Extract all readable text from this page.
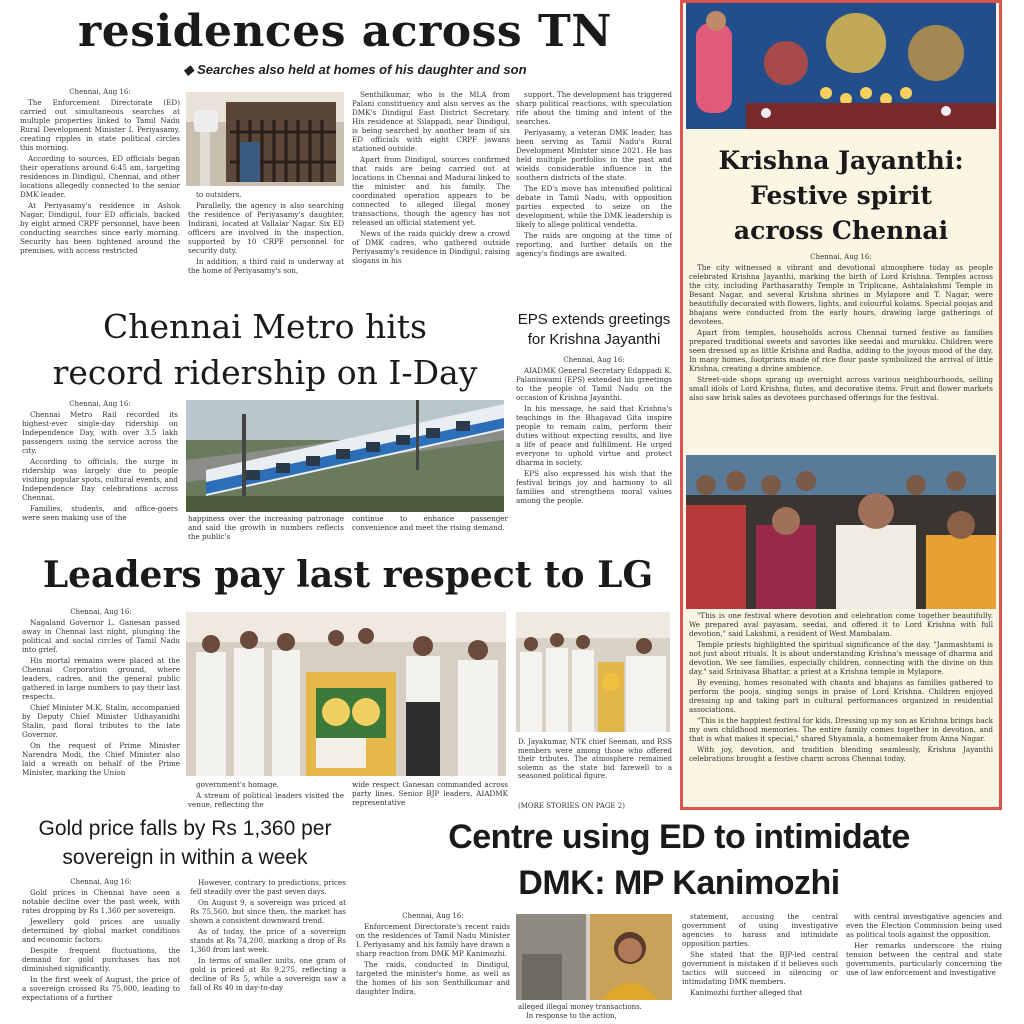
residences across TN
◆ Searches also held at homes of his daughter and son
Chennai, Aug 16:

The Enforcement Directorate (ED) carried out simultaneous searches at multiple properties linked to Tamil Nadu Rural Development Minister I. Periyasamy, creating ripples in state political circles this morning.

According to sources, ED officials began their operations around 6:45 am, targeting residences in Dindigul, Chennai, and other locations allegedly connected to the senior DMK leader.

At Periyasamy's residence in Ashok Nagar, Dindigul, four ED officials, backed by eight armed CRPF personnel, have been conducting searches since early morning. Security has been tightened around the premises, with access restricted

to outsiders.

Parallelly, the agency is also searching the residence of Periyasamy's daughter, Indirani, located at Vallalar Nagar. Six ED officers are involved in the inspection, supported by 10 CRPF personnel for security duty.

In addition, a third raid is underway at the home of Periyasamy's son,

Senthilkumar, who is the MLA from Palani constituency and also serves as the DMK's Dindigul East District Secretary. His residence at Silappadi, near Dindigul, is being searched by another team of six ED officials with eight CRPF jawans stationed outside.

Apart from Dindigul, sources confirmed that raids are being carried out at locations in Chennai and Madurai linked to the minister and his family. The coordinated operation appears to be connected to alleged illegal money transactions, though the agency has not released an official statement yet.

News of the raids quickly drew a crowd of DMK cadres, who gathered outside Periyasamy's residence in Dindigul, raising slogans in his

support. The development has triggered sharp political reactions, with speculation rife about the timing and intent of the searches.

Periyasamy, a veteran DMK leader, has been serving as Tamil Nadu's Rural Development Minister since 2021. He has held multiple portfolios in the past and wields considerable influence in the southern districts of the state.

The ED's move has intensified political debate in Tamil Nadu, with opposition parties expected to seize on the development, while the DMK leadership is likely to allege political vendetta.

The raids are ongoing at the time of reporting, and further details on the agency's findings are awaited.

Chennai Metro hits
record ridership on I-Day
Chennai, Aug 16:

Chennai Metro Rail recorded its highest-ever single-day ridership on Independence Day, with over 3.5 lakh passengers using the service across the city.

According to officials, the surge in ridership was largely due to people visiting popular spots, cultural events, and Independence Day celebrations across Chennai.

Families, students, and office-goers were seen making use of the	happiness over the increasing patronage and said the growth in numbers reflects the public's
continue to enhance passenger convenience and meet the rising demand.
EPS extends greetings
for Krishna Jayanthi
Chennai, Aug 16:

AIADMK General Secretary Edappadi K. Palaniswami (EPS) extended his greetings to the people of Tamil Nadu on the occasion of Krishna Jayanthi.

In his message, he said that Krishna's teachings in the Bhagavad Gita inspire people to remain calm, perform their duties without expecting results, and live a life of peace and fulfillment. He urged everyone to uphold virtue and protect dharma in society.

EPS also expressed his wish that the festival brings joy and harmony to all families and strengthens moral values among the people.

Leaders pay last respect to LG
Chennai, Aug 16:

Nagaland Governor L. Ganesan passed away in Chennai last night, plunging the political and social circles of Tamil Nadu into grief.

His mortal remains were placed at the Chennai Corporation ground, where leaders, cadres, and the general public gathered in large numbers to pay their last respects.

Chief Minister M.K. Stalin, accompanied by Deputy Chief Minister Udhayanidhi Stalin, paid floral tributes to the late Governor.

On the request of Prime Minister Narendra Modi, the Chief Minister also laid a wreath on behalf of the Prime Minister, marking the Union

D. Jayakumar, NTK chief Seeman, and RSS members were among those who offered their tributes. The atmosphere remained solemn as the state bid farewell to a seasoned political figure.
(MORE STORIES ON PAGE 2)

government's homage.

A stream of political leaders visited the venue, reflecting the

wide respect Ganesan commanded across party lines. Senior BJP leaders, AIADMK representative
Gold price falls by Rs 1,360 per
sovereign in within a week
Chennai, Aug 16:

Gold prices in Chennai have seen a notable decline over the past week, with rates dropping by Rs 1,360 per sovereign.

Jewellery gold prices are usually determined by global market conditions and economic factors.

Despite frequent fluctuations, the demand for gold purchases has not diminished significantly.

In the first week of August, the price of a sovereign crossed Rs 75,000, leading to expectations of a further

However, contrary to predictions, prices fell steadily over the past seven days.

On August 9, a sovereign was priced at Rs 75,560, but since then, the market has shown a consistent downward trend.

As of today, the price of a sovereign stands at Rs 74,200, marking a drop of Rs 1,360 from last week.

In terms of smaller units, one gram of gold is priced at Rs 9,275, reflecting a decline of Rs 5, while a sovereign saw a fall of Rs 40 in day-to-day

Centre using ED to intimidate
DMK: MP Kanimozhi
Chennai, Aug 16:

Enforcement Directorate's recent raids on the residences of Tamil Nadu Minister I. Periyasamy and his family have drawn a sharp reaction from DMK MP Kanimozhi.

The raids, conducted in Dindigul, targeted the minister's home, as well as the homes of his son Senthilkumar and daughter Indira,

alleged illegal money transactions.
In response to the action,

statement, accusing the central government of using investigative agencies to harass and intimidate opposition parties.

She stated that the BJP-led central government is mistaken if it believes such tactics will succeed in silencing or intimidating DMK members.

Kanimozhi further alleged that

with central investigative agencies and even the Election Commission being used as political tools against the opposition.

Her remarks underscore the rising tension between the central and state governments, particularly concerning the use of law enforcement and investigative

Krishna Jayanthi:
Festive spirit
across Chennai
Chennai, Aug 16:

The city witnessed a vibrant and devotional atmosphere today as people celebrated Krishna Jayanthi, marking the birth of Lord Krishna. Temples across the city, including Parthasarathy Temple in Triplicane, Ashtalakshmi Temple in Besant Nagar, and several Krishna shrines in Mylapore and T. Nagar, were beautifully decorated with flowers, lights, and colourful kolams. Special poojas and bhajans were conducted from the early hours, drawing large gatherings of devotees.

Apart from temples, households across Chennai turned festive as families prepared traditional sweets and savories like seedai and murukku. Children were seen dressed up as little Krishna and Radha, adding to the joyous mood of the day. In many homes, footprints made of rice flour paste symbolized the arrival of little Krishna, creating a divine ambience.

Street-side shops sprang up overnight across various neighbourhoods, selling small idols of Lord Krishna, flutes, and decorative items. Fruit and flower markets also saw brisk sales as devotees purchased offerings for the festival.

"This is one festival where devotion and celebration come together beautifully. We prepared aval payasam, seedai, and offered it to Lord Krishna with full devotion," said Lakshmi, a resident of West Mambalam.

Temple priests highlighted the spiritual significance of the day. "Janmashtami is not just about rituals. It is about understanding Krishna's message of dharma and devotion. We see families, especially children, connecting with the divine on this day," said Srinivasa Bhattar, a priest at a Krishna temple in Mylapore.

By evening, homes resonated with chants and bhajans as families gathered to perform the pooja, singing songs in praise of Lord Krishna. Children enjoyed dressing up and taking part in cultural performances organized in residential associations.

"This is the happiest festival for kids. Dressing up my son as Krishna brings back my own childhood memories. The entire family comes together in devotion, and that is what makes it special," shared Shyamala, a homemaker from Anna Nagar.

With joy, devotion, and tradition blending seamlessly, Krishna Jayanthi celebrations brought a festive charm across Chennai today.
